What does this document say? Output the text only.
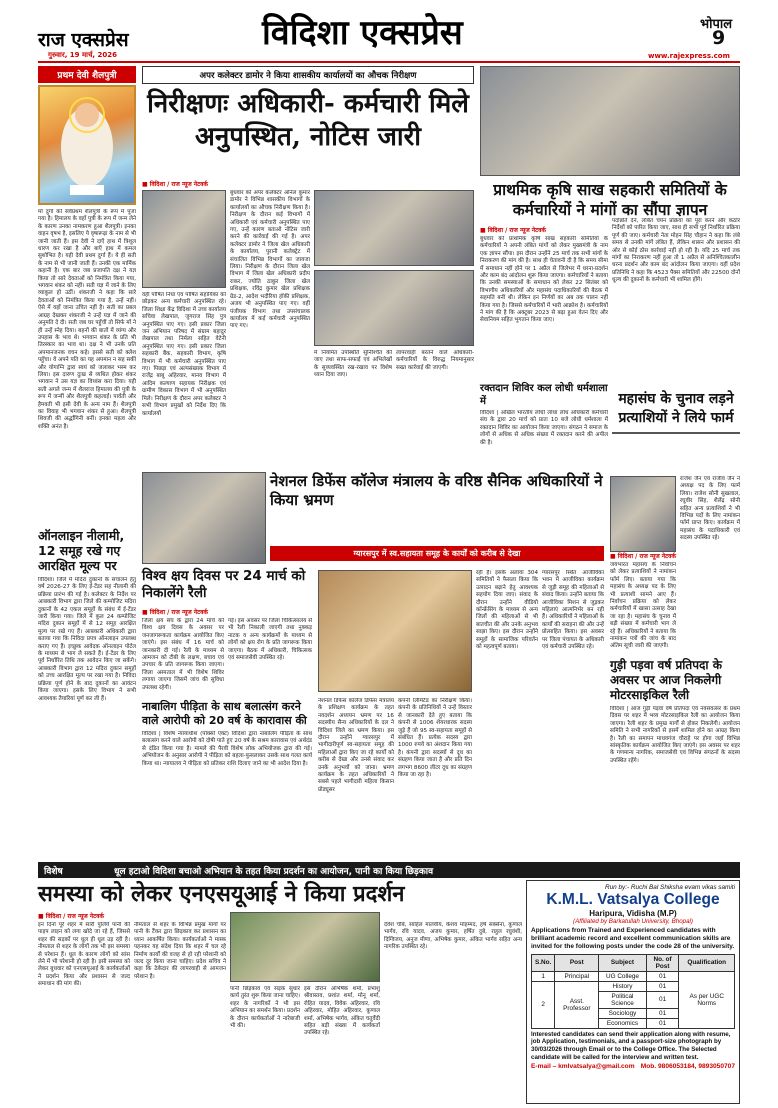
राज एक्सप्रेस
गुरुवार, 19 मार्च, 2026
विदिशा एक्सप्रेस	भोपाल
9
www.rajexpress.com
प्रथम देवी शैलपुत्री
माँ दुर्गा को सर्वप्रथम शैलपुत्री के रूप में पूजा गया है। हिमालय के वहाँ पुत्री के रूप में जन्म लेने के कारण उनका नामकरण हुआ शैलपुत्री। इनका वाहन वृषभ है, इसलिए ये वृषारूढ़ा के नाम से भी जानी जाती हैं। इस देवी ने दाएँ हाथ में त्रिशूल धारण कर रखा है और बाएँ हाथ में कमल सुशोभित है। यही देवी प्रथम दुर्गा हैं। ये ही सती के नाम से भी जानी जाती हैं। उनकी एक मार्मिक कहानी है। एक बार जब प्रजापति दक्ष ने यज्ञ किया तो सारे देवताओं को निमंत्रित किया गया, भगवान शंकर को नहीं। सती यज्ञ में जाने के लिए व्याकुल हो उठीं। शंकरजी ने कहा कि सारे देवताओं को निमंत्रित किया गया है, उन्हें नहीं। ऐसे में वहाँ जाना उचित नहीं है। सती का प्रबल आग्रह देखकर शंकरजी ने उन्हें यज्ञ में जाने की अनुमति दे दी। सती जब घर पहुँचीं तो सिर्फ माँ ने ही उन्हें स्नेह दिया। बहनों की बातों में व्यंग्य और उपहास के भाव थे। भगवान शंकर के प्रति भी तिरस्कार का भाव था। दक्ष ने भी उनके प्रति अपमानजनक वचन कहे। इससे सती को क्लेश पहुँचा। वे अपने पति का यह अपमान न सह सकीं और योगाग्नि द्वारा स्वयं को जलाकर भस्म कर लिया। इस दारुण दुःख से व्यथित होकर शंकर भगवान ने उस यज्ञ का विध्वंस करा दिया। यही सती अगले जन्म में शैलराज हिमालय की पुत्री के रूप में जन्मीं और शैलपुत्री कहलाईं। पार्वती और हैमवती भी इसी देवी के अन्य नाम हैं। शैलपुत्री का विवाह भी भगवान शंकर से हुआ। शैलपुत्री शिवजी की अर्द्धांगिनी बनीं। इनका महत्व और शक्ति अनंत है।
अपर कलेक्टर डामोर ने किया शासकीय कार्यालयों का औचक निरीक्षण
निरीक्षणः अधिकारी- कर्मचारी मिले अनुपस्थित, नोटिस जारी
■ विदिशा / राज न्यूज नेटवर्क
बुधवार को अपर कलेक्टर अनिल कुमार डामोर ने विभिन्न शासकीय विभागों के कार्यालयों का औचक निरीक्षण किया है। निरीक्षण के दौरान कई विभागों में अधिकारी एवं कर्मचारी अनुपस्थित पाए गए, उन्हें कारण बताओ नोटिस जारी करने की कार्रवाई की गई है। अपर कलेक्टर डामोर ने जिला खेल अधिकारी के कार्यालय, पुरानी कलेक्ट्रेट में संचालित विभिन्न विभागों का जायजा लिया। निरीक्षण के दौरान जिला खेल विभाग में जिला खेल अधिकारी प्रदीप राकर, ज्योति ठाकुर जिला खेल प्रशिक्षक, रविंद्र कुमार खेल प्रशिक्षक ग्रेड-2, आदेश भदौरिया हॉकी प्रशिक्षक, अजय भी अनुपस्थित पाए गए। वहीं पंजीयक विभाग तथा उपसंचालक कार्यालय में कई कर्मचारी अनुपस्थित पाए गए।
वहीं पोषित निधा एवं पोषित सहायिका को छोड़कर अन्य कर्मचारी अनुपस्थित रहे। जिला शिक्षा केंद्र विदिशा में उच्च कार्यालय सचिवा लेखपाल, जुगराज सिंह पुत्र अनुपस्थित पाए गए। इसी प्रकार जिला जन अभियान परिषद में संग्राम बहादुर लेखपाल तथा निर्मला सहित वेटेनी अनुपस्थित पाए गए। इसी प्रकार जिला सहकारी बैंक, सहकारी विभाग, कृषि विभाग में भी कर्मचारी अनुपस्थित पाए गए। पिछड़ा एवं अल्पसंख्यक विभाग में राजेंद्र बाबू अहिरवार, मानव विभाग में आदिम कल्याण सहायक निरीक्षक एवं ग्रामीण विकास विभाग में भी अनुपस्थित मिले। निरीक्षण के दौरान अपर कलेक्टर ने सभी विभाग प्रमुखों को निर्देश दिए कि कार्यालयों
में नियमित उपस्थिति सुनिश्चित की जाए तथा साफ-सफाई एवं अभिलेखों के सुव्यवस्थित रख-रखाव पर विशेष ध्यान दिया जाए।
लापरवाही बरतने वाले अधिकारी-कर्मचारियों के विरुद्ध नियमानुसार सख्त कार्रवाई की जाएगी।
प्राथमिक कृषि साख सहकारी समितियों के कर्मचारियों ने मांगों का सौंपा ज्ञापन
■ विदिशा / राज न्यूज नेटवर्क
बुधवार को प्राथमिक कृषि साख सहकारी समितियों के कर्मचारियों ने अपनी लंबित मांगों को लेकर मुख्यमंत्री के नाम एक ज्ञापन सौंपा। इस दौरान उन्होंने 25 मार्च तक सभी मांगों के निराकरण की मांग की है। साथ ही चेतावनी दी है कि समय सीमा में समाधान नहीं होने पर 1 अप्रैल से जिलेभर में धरना-प्रदर्शन और काम बंद आंदोलन शुरू किया जाएगा। कर्मचारियों ने बताया कि उनकी समस्याओं के समाधान को लेकर 22 सितंबर को विभागीय अधिकारियों और महासंघ पदाधिकारियों की बैठक में सहमति बनी थी। लेकिन इन निर्णयों का अब तक पालन नहीं किया गया है। जिससे कर्मचारियों में भारी आक्रोश है। कर्मचारियों ने मांग की है कि अक्टूबर 2023 से बढ़ा हुआ वेतन दिए और सेवानियम सहित भुगतान किया जाए।
पदोन्नति देने, लंबित चयन प्रक्रिया को पूरा करने और कठोर निर्देशों को पारित किया जाए, साथ ही सभी पूर्व निर्धारित प्रक्रिया पूर्ण की जाए। कर्मचारी नेता मोहन सिंह चौहान ने कहा कि लंबे समय से उनकी मांगें लंबित हैं, लेकिन शासन और प्रशासन की ओर से कोई ठोस कार्रवाई नहीं हो रही है। यदि 25 मार्च तक मांगों का निराकरण नहीं हुआ तो 1 अप्रैल से अनिश्चितकालीन धरना प्रदर्शन और काम बंद आंदोलन किया जाएगा। वहीं प्रदेश प्रतिनिधि ने कहा कि 4523 पैक्स समितियों और 22500 दोनों धूल्य की दुकानों के कर्मचारी भी शामिल होंगे।
रक्तदान शिविर कल लोधी धर्मशाला में
विदिशा | अखिल भारतीय लोधी लोधा लोध अधिकारी कर्मचारी संघ के द्वारा 20 मार्च को प्रातः 10 बजे लोधी धर्मशाला में रक्तदान शिविर का आयोजन किया जाएगा। संगठन ने समाज के लोगों से अधिक से अधिक संख्या में रक्तदान करने की अपील की है।
महासंघ के चुनाव लड़ने प्रत्याशियों ने लिये फार्म
ऑनलाइन नीलामी, 12 समूह रखे गए आरक्षित मूल्य पर
विदिशा। जिले में मदिरा दुकानों के संचालन हेतु वर्ष 2026-27 के लिए ई-टेंडर सह नीलामी की प्रक्रिया प्रारंभ की गई है। कलेक्टर के निर्देश पर आबकारी विभाग द्वारा जिले की कम्पोजिट मदिरा दुकानों के 42 एकल समूहों के संबंध में ई-टेंडर जारी किया गया। जिले में कुल 24 कम्पोजिट मदिरा दुकान समूहों में से 12 समूह आरक्षित मूल्य पर रखे गए हैं। आबकारी अधिकारी द्वारा बताया गया कि निविदा प्रपत्र ऑनलाइन उपलब्ध कराए गए हैं। इच्छुक आवेदक ऑनलाइन पोर्टल के माध्यम से भाग ले सकते हैं। ई-टेंडर के लिए पूर्व निर्धारित तिथि तक आवेदन किए जा सकेंगे। आबकारी विभाग द्वारा 12 मदिरा दुकान समूहों को उच्च आरक्षित मूल्य पर रखा गया है। निविदा प्रक्रिया पूर्ण होने के बाद दुकानों का आवंटन किया जाएगा। इसके लिए विभाग ने सभी आवश्यक तैयारियां पूर्ण कर ली हैं।
नेशनल डिफेंस कॉलेज मंत्रालय के वरिष्ठ सैनिक अधिकारियों ने किया भ्रमण
ग्यारसपुर में स्व.सहायता समूह के कार्यों को करीब से देखा
विश्व क्षय दिवस पर 24 मार्च को निकालेंगे रैली
■ विदिशा / राज न्यूज नेटवर्क
जिला क्षय संघ के द्वारा 24 मार्च को विश्व क्षय दिवस के अवसर पर जनजागरूकता कार्यक्रम आयोजित किए जाएंगे। इस संबंध में 16 मार्च को जानकारी दी गई। रैली के माध्यम से आमजन को टीबी के लक्षण, बचाव एवं उपचार के प्रति जागरूक किया जाएगा। जिला अस्पताल में भी विशेष शिविर लगाया जाएगा जिसमें जांच की सुविधा उपलब्ध रहेगी।
गई। इस अवसर पर जिला चिकित्सालय से भी रैली निकाली जाएगी तथा नुक्कड़ नाटक व अन्य कार्यक्रमों के माध्यम से लोगों को क्षय रोग के प्रति जागरूक किया जाएगा। बैठक में अधिकारी, चिकित्सक एवं समाजसेवी उपस्थित रहे।
रही है। इसके अलावा 304 समितियों ने फैसला किया कि उत्पादन बढ़ाने हेतु आवश्यक सहयोग दिया जाए। संवाद के दौरान उन्होंने वीडियो कॉन्फ्रेंसिंग के माध्यम से अन्य जिलों की महिलाओं से भी बातचीत की और उनके अनुभव साझा किए। इस दौरान उन्होंने समूहों के सामाजिक परिवर्तन को महत्वपूर्ण बताया।
ग्यारसपुर स्थित आजीविका भवन में आजीविका कार्यक्रम से जुड़ी समूह की महिलाओं से संवाद किया। उन्होंने बताया कि आजीविका मिशन से जुड़कर महिलाएं आत्मनिर्भर बन रही हैं। अधिकारियों ने महिलाओं के कार्यों की सराहना की और उन्हें प्रोत्साहित किया। इस अवसर पर जिला पंचायत के अधिकारी एवं कर्मचारी उपस्थित रहे।
नाबालिग पीड़िता के साथ बलात्संग करने वाले आरोपी को 20 वर्ष के कारावास की
विदिशा | विशेष न्यायाधीश (पॉक्सो एक्ट) विदिशा द्वारा नाबालिग पीड़िता के साथ बलात्संग करने वाले आरोपी को दोषी पाते हुए 20 वर्ष के सश्रम कारावास एवं अर्थदंड से दंडित किया गया है। मामले की पैरवी विशेष लोक अभियोजक द्वारा की गई। अभियोजन के अनुसार आरोपी ने पीड़िता को बहला-फुसलाकर उसके साथ गलत कार्य किया था। न्यायालय ने पीड़िता को प्रतिकर राशि दिलाए जाने का भी आदेश दिया है।
नेशनल डिफेंस कॉलेज डिफेंस मंत्रालय के प्रशिक्षण कार्यक्रम के तहत नवदर्शन अध्ययन भ्रमण पर 16 सदस्यीय सैन्य अधिकारियों के दल ने विदिशा जिले का भ्रमण किया। इस दौरान उन्होंने ग्यारसपुर में भागीदारीपूर्ण स्व-सहायता समूह की महिलाओं द्वारा किए जा रहे कार्यों को करीब से देखा और उनसे संवाद कर उनके अनुभवों को जाना। भ्रमण कार्यक्रम के तहत अधिकारियों ने सबसे पहले भागीदारी महिला किसान प्रोड्यूसर
कंपनी लिमिटेड का निरीक्षण किया। कंपनी के प्रतिनिधियों ने उन्हें विस्तार से जानकारी देते हुए बताया कि कंपनी से 1006 शेयरधारक सदस्य जुड़े हैं जो 95 स्व-सहायता समूहों से संबंधित हैं। प्रत्येक सदस्य द्वारा 1000 रुपये का अंशदान किया गया है। कंपनी द्वारा सदस्यों से दूध का संग्रहण किया जाता है और प्रति दिन लगभग 8600 लीटर दूध का संग्रहण किया जा रहा है।
■ विदिशा / राज न्यूज नेटवर्क
जयभारत महासंघ के निर्वाचन को लेकर प्रत्याशियों ने नामांकन फॉर्म लिए। बताया गया कि महासंघ के अध्यक्ष पद के लिए भी प्रत्याशी सामने आए हैं। निर्वाचन प्रक्रिया को लेकर कर्मचारियों में खासा उत्साह देखा जा रहा है। महासंघ के चुनाव में बड़ी संख्या में कर्मचारी भाग ले रहे हैं। अधिकारियों ने बताया कि नामांकन पत्रों की जांच के बाद अंतिम सूची जारी की जाएगी।
राजेश जैन एवं राजीव जैन ने अध्यक्ष पद के लिए फार्म लिया। राजेश सोनी सुखलाल, रघुवीर सिंह, शैलेंद्र सोनी सहित अन्य प्रत्याशियों ने भी विभिन्न पदों के लिए नामांकन फॉर्म प्राप्त किए। कार्यक्रम में महासंघ के पदाधिकारी एवं सदस्य उपस्थित रहे।
गुड़ी पड़वा वर्ष प्रतिपदा के अवसर पर आज निकलेगी मोटरसाइकिल रैली
विदिशा | आज गुड़ी पड़वा वर्ष प्रतिपदा एवं नवसंवत्सर के प्रथम दिवस पर शहर में भव्य मोटरसाइकिल रैली का आयोजन किया जाएगा। रैली शहर के प्रमुख मार्गों से होकर निकलेगी। आयोजन समिति ने सभी नागरिकों से इसमें शामिल होने का आग्रह किया है। रैली का समापन माधवगंज चौराहे पर होगा जहाँ विभिन्न सांस्कृतिक कार्यक्रम आयोजित किए जाएंगे। इस अवसर पर शहर के गणमान्य नागरिक, समाजसेवी एवं विभिन्न संगठनों के सदस्य उपस्थित रहेंगे।
विशेष	धूल हटाओ विदिशा बचाओ अभियान के तहत किया प्रदर्शन का आयोजन, पानी का किया छिड़काव
समस्या को लेकर एनएसयूआई ने किया प्रदर्शन
■ विदिशा / राज न्यूज नेटवर्क
इन दिनों पूरे शहर में सारी पुलिये पानी की पाइप लाइन को लगा खोदे जा रहे हैं, जिससे शहर की सड़कों पर धूल ही धूल उड़ रही है। नीमताल से शहर के लोगों तक भी इस समस्या से परेशान हैं। धूल के कारण लोगों को सांस लेने में भी परेशानी हो रही है। इसी समस्या को लेकर बुधवार को एनएसयूआई के कार्यकर्ताओं ने प्रदर्शन किया और प्रशासन से जल्द समाधान की मांग की।
नीमताल से शहर के विभिन्न प्रमुख मार्गों पर पानी के टैंकर द्वारा छिड़काव कर प्रशासन का ध्यान आकर्षित किया। कार्यकर्ताओं ने मास्क पहनकर यह संदेश दिया कि शहर में चल रहे निर्माण कार्यों की वजह से हो रही परेशानी को जल्द दूर किया जाना चाहिए। प्रदेश सचिव ने कहा कि ठेकेदार की लापरवाही से आमजन परेशान है।
पानी छिड़काव एवं सड़क सुधार कार्य तुरंत शुरू किया जाना चाहिए। शहर के नागरिकों ने भी इस अभियान का समर्थन किया। प्रदर्शन के दौरान कार्यकर्ताओं ने नारेबाजी भी की।
इस दौरान अभिषेक शर्मा, प्रभांशु श्रीवास्तव, प्रशांत शर्मा, मोनू शर्मा, रोहित यादव, विवेक अहिरवार, रवि अहिरवार, मोहित अहिरवार, कुणाल शर्मा, अभिषेक भार्गव, अंकित चतुर्वेदी सहित बड़ी संख्या में कार्यकर्ता उपस्थित रहे।
देवेश चौबे, साहिल मालवीय, केशव मोहम्मद, हर्ष सक्सेना, कुणाल भार्गव, रवि यादव, अजय कुमार, हर्षित दुबे, राहुल रघुवंशी, दिग्विजय, अनुज मीणा, अभिषेक कुमार, अंकित भार्गव सहित अन्य नागरिक उपस्थित रहे।
Run by:- Ruchi Bal Shiksha evam vikas samiti
K.M.L. Vatsalya College
Haripura, Vidisha (M.P)
(Affiliated by Barkatullah University, Bhopal)
Applications from Trained and Experienced candidates with brilliant academic record and excellent communication skills are invited for the following posts under the code 28 of the university.
S.No.	Post	Subject	No. of Post	Qualification
1	Principal	UG College	01	As per UGC Norms
2	Asst. Professor	History	01	
		Political Science	01	
		Sociology	01	
		Economics	01	
Interested candidates can send their application along with resume, job Application, testimonials, and a passport-size photograph by 30/03/2026 through Email or to the College Office. The Selected candidate will be called for the interview and written test.
E-mail – kmlvatsalya@gmail.com Mob. 9806053184, 9893050707
